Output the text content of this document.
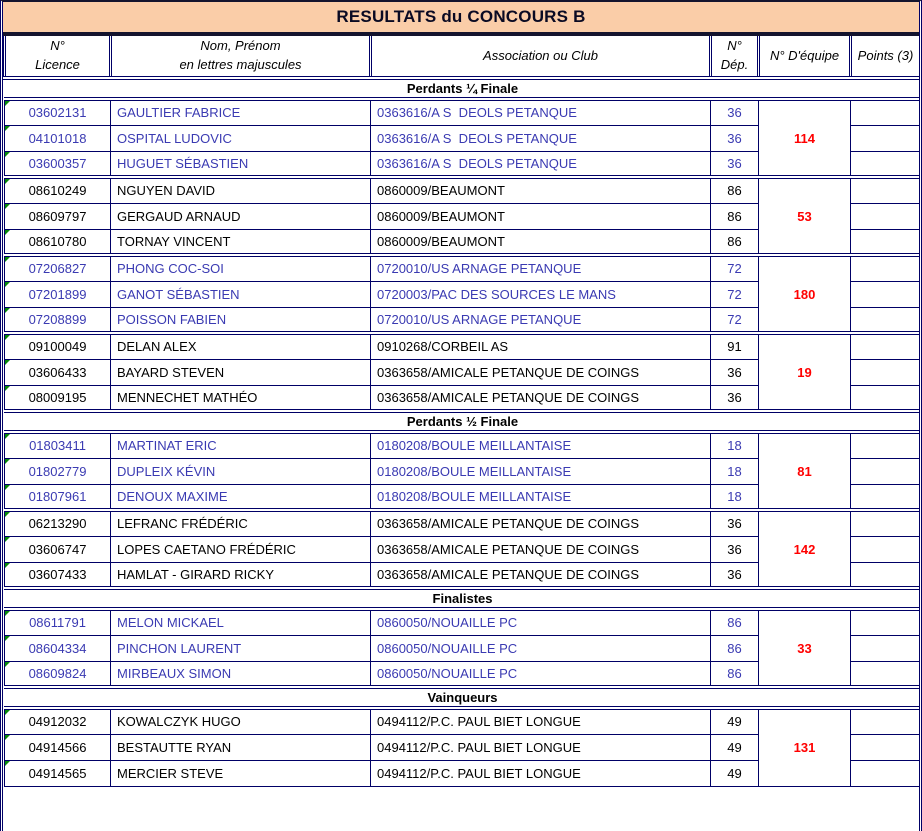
RESULTATS du CONCOURS B
N°
Licence

Nom, Prénom
en lettres majuscules

Association ou Club

N°
Dép.

N° D'équipe	Points (3)

Perdants ¼ Finale					

03602131	GAULTIER FABRICE	0363616/A S  DEOLS PETANQUE	36	114	

04101018	OSPITAL LUDOVIC	0363616/A S  DEOLS PETANQUE	36		

03600357	HUGUET SÉBASTIEN	0363616/A S  DEOLS PETANQUE	36		

08610249	NGUYEN DAVID	0860009/BEAUMONT	86	53	

08609797	GERGAUD ARNAUD	0860009/BEAUMONT	86		

08610780	TORNAY VINCENT	0860009/BEAUMONT	86		

07206827	PHONG COC-SOI	0720010/US ARNAGE PETANQUE	72	180	

07201899	GANOT SÉBASTIEN	0720003/PAC DES SOURCES LE MANS	72		

07208899	POISSON FABIEN	0720010/US ARNAGE PETANQUE	72		

09100049	DELAN ALEX	0910268/CORBEIL AS	91	19	

03606433	BAYARD STEVEN	0363658/AMICALE PETANQUE DE COINGS	36		

08009195	MENNECHET MATHÉO	0363658/AMICALE PETANQUE DE COINGS	36		
Perdants ½ Finale					

01803411	MARTINAT ERIC	0180208/BOULE MEILLANTAISE	18	81	

01802779	DUPLEIX KÉVIN	0180208/BOULE MEILLANTAISE	18		

01807961	DENOUX MAXIME	0180208/BOULE MEILLANTAISE	18		

06213290	LEFRANC FRÉDÉRIC	0363658/AMICALE PETANQUE DE COINGS	36	142	

03606747	LOPES CAETANO FRÉDÉRIC	0363658/AMICALE PETANQUE DE COINGS	36		

03607433	HAMLAT - GIRARD RICKY	0363658/AMICALE PETANQUE DE COINGS	36		
Finalistes					

08611791	MELON MICKAEL	0860050/NOUAILLE PC	86	33	

08604334	PINCHON LAURENT	0860050/NOUAILLE PC	86		

08609824	MIRBEAUX SIMON	0860050/NOUAILLE PC	86		
Vainqueurs					

04912032	KOWALCZYK HUGO	0494112/P.C. PAUL BIET LONGUE	49	131	

04914566	BESTAUTTE RYAN	0494112/P.C. PAUL BIET LONGUE	49		

04914565	MERCIER STEVE	0494112/P.C. PAUL BIET LONGUE	49		
